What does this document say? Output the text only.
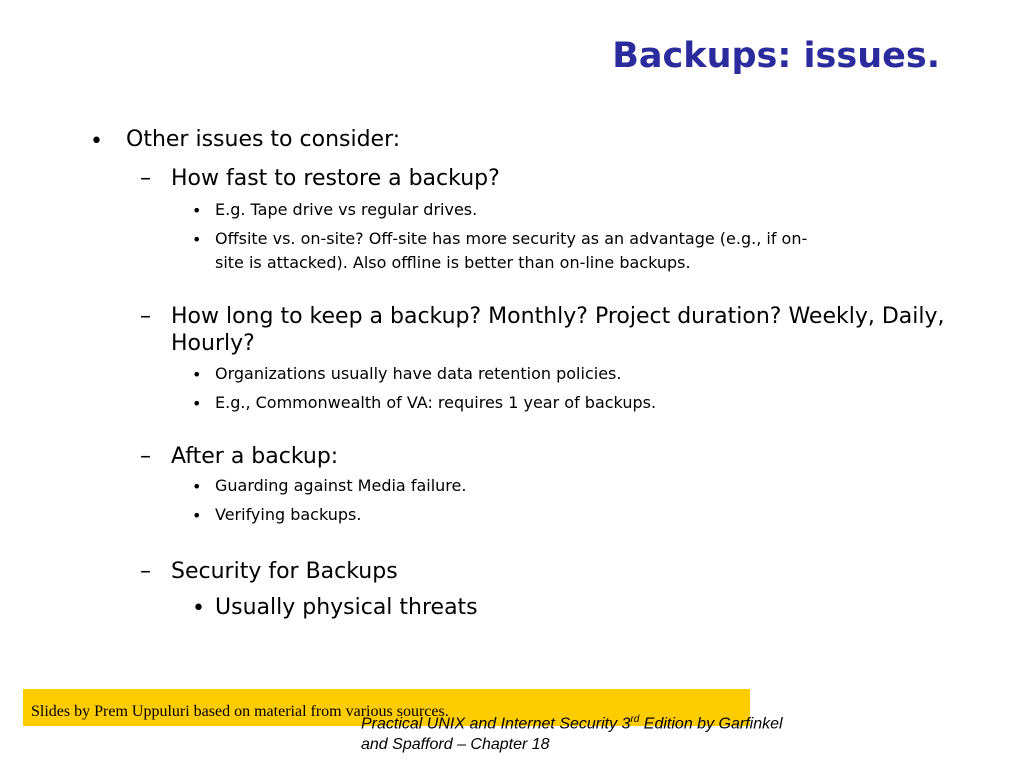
Backups: issues.
• Other issues to consider:
– How fast to restore a backup?
• E.g. Tape drive vs regular drives.
• Offsite vs. on-site? Off-site has more security as an advantage (e.g., if on-
site is attacked). Also offline is better than on-line backups.
– How long to keep a backup? Monthly? Project duration? Weekly, Daily,
Hourly?
• Organizations usually have data retention policies.
• E.g., Commonwealth of VA: requires 1 year of backups.
– After a backup:
• Guarding against Media failure.
• Verifying backups.
– Security for Backups
• Usually physical threats
Slides by Prem Uppuluri based on material from various sources.
Practical UNIX and Internet Security 3rd Edition by Garfinkel
and Spafford – Chapter 18
